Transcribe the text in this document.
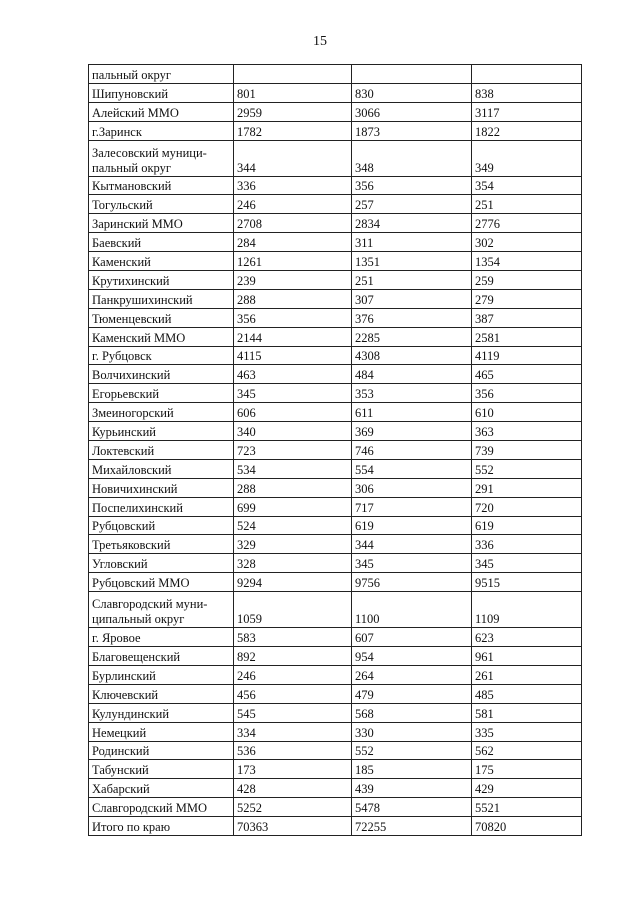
15
пальный округ			
Шипуновский	801	830	838
Алейский ММО	2959	3066	3117
г.Заринск	1782	1873	1822

Залесовский муници-
пальный округ	344	348	349
Кытмановский	336	356	354
Тогульский	246	257	251
Заринский ММО	2708	2834	2776
Баевский	284	311	302
Каменский	1261	1351	1354
Крутихинский	239	251	259
Панкрушихинский	288	307	279
Тюменцевский	356	376	387
Каменский ММО	2144	2285	2581
г. Рубцовск	4115	4308	4119
Волчихинский	463	484	465
Егорьевский	345	353	356
Змеиногорский	606	611	610
Курьинский	340	369	363
Локтевский	723	746	739
Михайловский	534	554	552
Новичихинский	288	306	291
Поспелихинский	699	717	720
Рубцовский	524	619	619
Третьяковский	329	344	336
Угловский	328	345	345
Рубцовский ММО	9294	9756	9515

Славгородский муни-
ципальный округ	1059	1100	1109
г. Яровое	583	607	623
Благовещенский	892	954	961
Бурлинский	246	264	261
Ключевский	456	479	485
Кулундинский	545	568	581
Немецкий	334	330	335
Родинский	536	552	562
Табунский	173	185	175
Хабарский	428	439	429
Славгородский ММО	5252	5478	5521
Итого по краю	70363	72255	70820
